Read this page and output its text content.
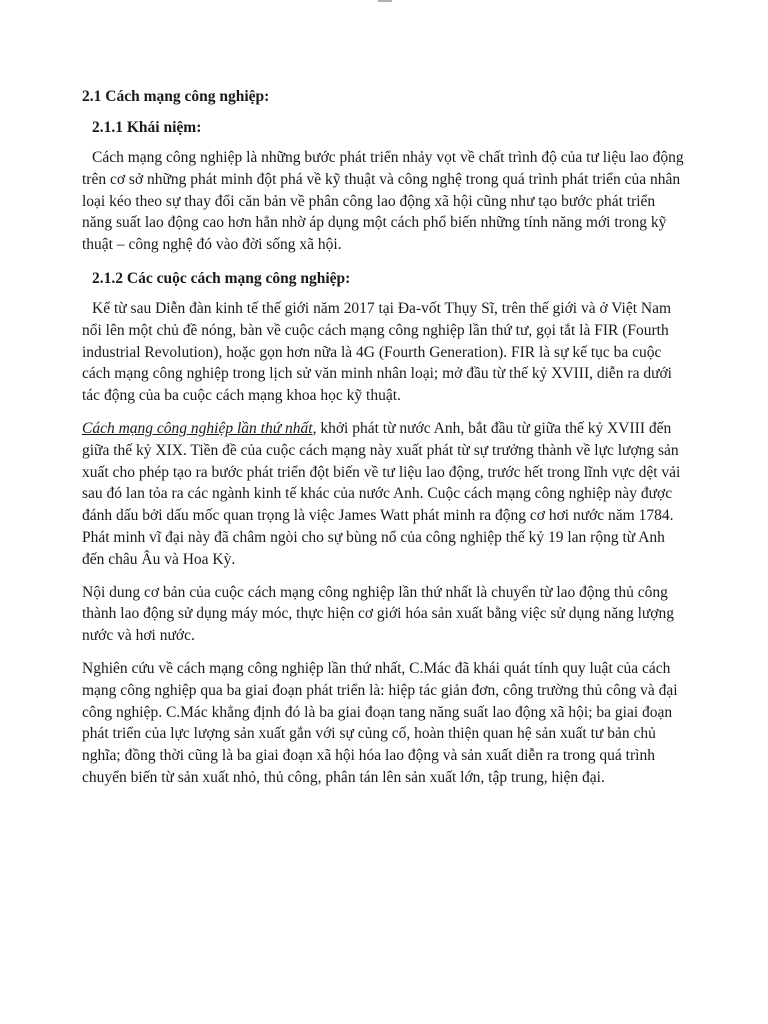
2.1 Cách mạng công nghiệp:

2.1.1 Khái niệm:

Cách mạng công nghiệp là những bước phát triển nhảy vọt về chất trình độ của tư liệu lao động trên cơ sở những phát minh đột phá về kỹ thuật và công nghệ trong quá trình phát triển của nhân loại kéo theo sự thay đổi căn bản về phân công lao động xã hội cũng như tạo bước phát triển năng suất lao động cao hơn hẳn nhờ áp dụng một cách phổ biến những tính năng mới trong kỹ thuật – công nghệ đó vào đời sống xã hội.

2.1.2 Các cuộc cách mạng công nghiệp:

Kể từ sau Diễn đàn kinh tế thế giới năm 2017 tại Đa-vốt Thụy Sĩ, trên thế giới và ở Việt Nam nổi lên một chủ đề nóng, bàn về cuộc cách mạng công nghiệp lần thứ tư, gọi tắt là FIR (Fourth industrial Revolution), hoặc gọn hơn nữa là 4G (Fourth Generation). FIR là sự kế tục ba cuộc cách mạng công nghiệp trong lịch sử văn minh nhân loại; mở đầu từ thế kỷ XVIII, diễn ra dưới tác động của ba cuộc cách mạng khoa học kỹ thuật.

Cách mạng công nghiệp lần thứ nhất, khởi phát từ nước Anh, bắt đầu từ giữa thế kỷ XVIII đến giữa thế kỷ XIX. Tiền đề của cuộc cách mạng này xuất phát từ sự trưởng thành về lực lượng sản xuất cho phép tạo ra bước phát triển đột biến về tư liệu lao động, trước hết trong lĩnh vực dệt vải sau đó lan tỏa ra các ngành kinh tế khác của nước Anh. Cuộc cách mạng công nghiệp này được đánh dấu bởi dấu mốc quan trọng là việc James Watt phát minh ra động cơ hơi nước năm 1784. Phát minh vĩ đại này đã châm ngòi cho sự bùng nổ của công nghiệp thế kỷ 19 lan rộng từ Anh đến châu Âu và Hoa Kỳ.

Nội dung cơ bản của cuộc cách mạng công nghiệp lần thứ nhất là chuyển từ lao động thủ công thành lao động sử dụng máy móc, thực hiện cơ giới hóa sản xuất bằng việc sử dụng năng lượng nước và hơi nước.

Nghiên cứu về cách mạng công nghiệp lần thứ nhất, C.Mác đã khái quát tính quy luật của cách mạng công nghiệp qua ba giai đoạn phát triển là: hiệp tác giản đơn, công trường thủ công và đại công nghiệp. C.Mác khẳng định đó là ba giai đoạn tang năng suất lao động xã hội; ba giai đoạn phát triển của lực lượng sản xuất gắn với sự củng cố, hoàn thiện quan hệ sản xuất tư bản chủ nghĩa; đồng thời cũng là ba giai đoạn xã hội hóa lao động và sản xuất diễn ra trong quá trình chuyển biến từ sản xuất nhỏ, thủ công, phân tán lên sản xuất lớn, tập trung, hiện đại.
